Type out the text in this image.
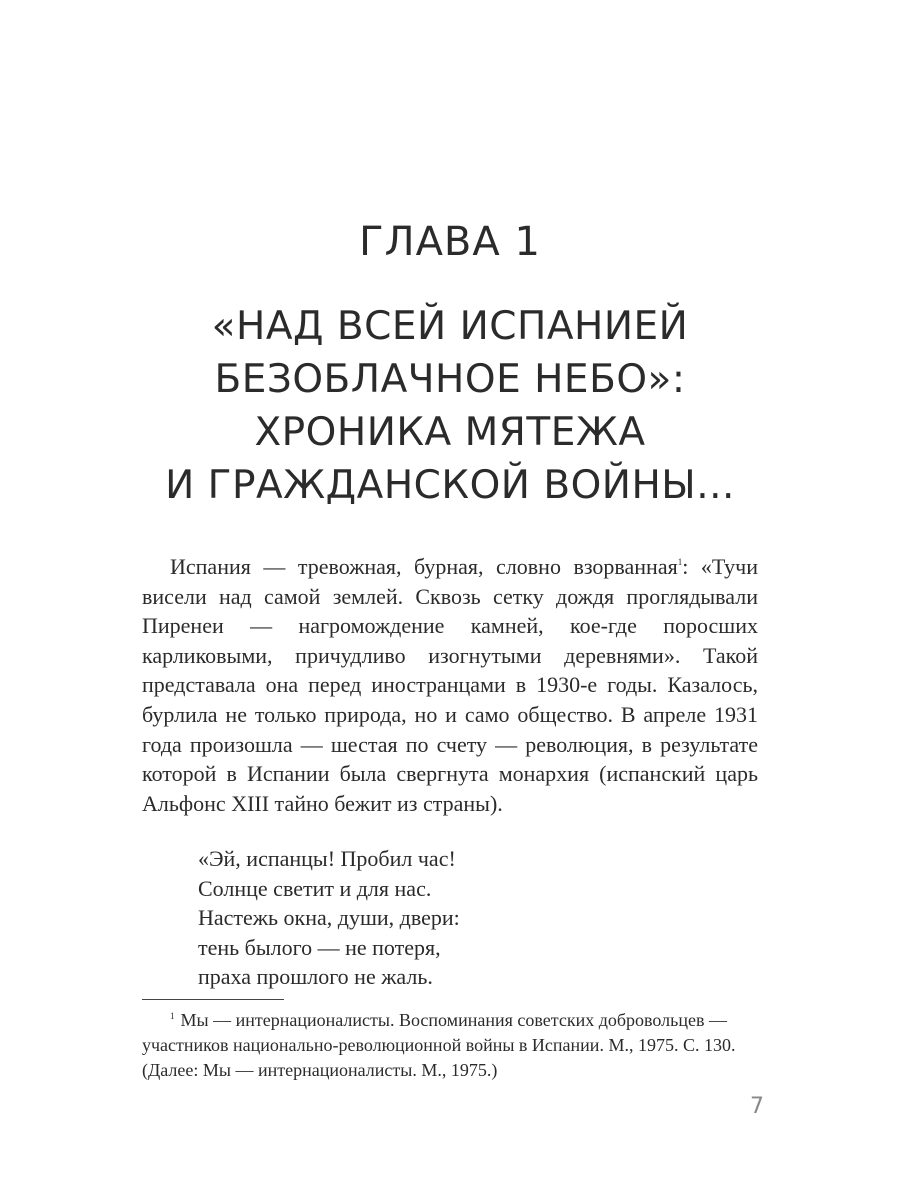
ГЛАВА 1
«НАД ВСЕЙ ИСПАНИЕЙ
БЕЗОБЛАЧНОЕ НЕБО»:
ХРОНИКА МЯТЕЖА
И ГРАЖДАНСКОЙ ВОЙНЫ...

Испания — тревожная, бурная, словно взорванная$^1$: «Тучи висели над самой землей. Сквозь сетку дождя проглядывали Пиренеи — нагромождение камней, кое-где поросших карликовыми, причудливо изогнутыми деревнями». Такой представала она перед иностранцами в 1930-е годы. Казалось, бурлила не только природа, но и само общество. В апреле 1931 года произошла — шестая по счету — революция, в результате которой в Испании была свергнута монархия (испанский царь Альфонс XIII тайно бежит из страны).

«Эй, испанцы! Пробил час!
Солнце светит и для нас.
Настежь окна, души, двери:
тень былого — не потеря,
праха прошлого не жаль.
$^1$ Мы — интернационалисты. Воспоминания советских добровольцев — участников национально-революционной войны в Испании. М., 1975. С. 130. (Далее: Мы — интернационалисты. М., 1975.)
7
